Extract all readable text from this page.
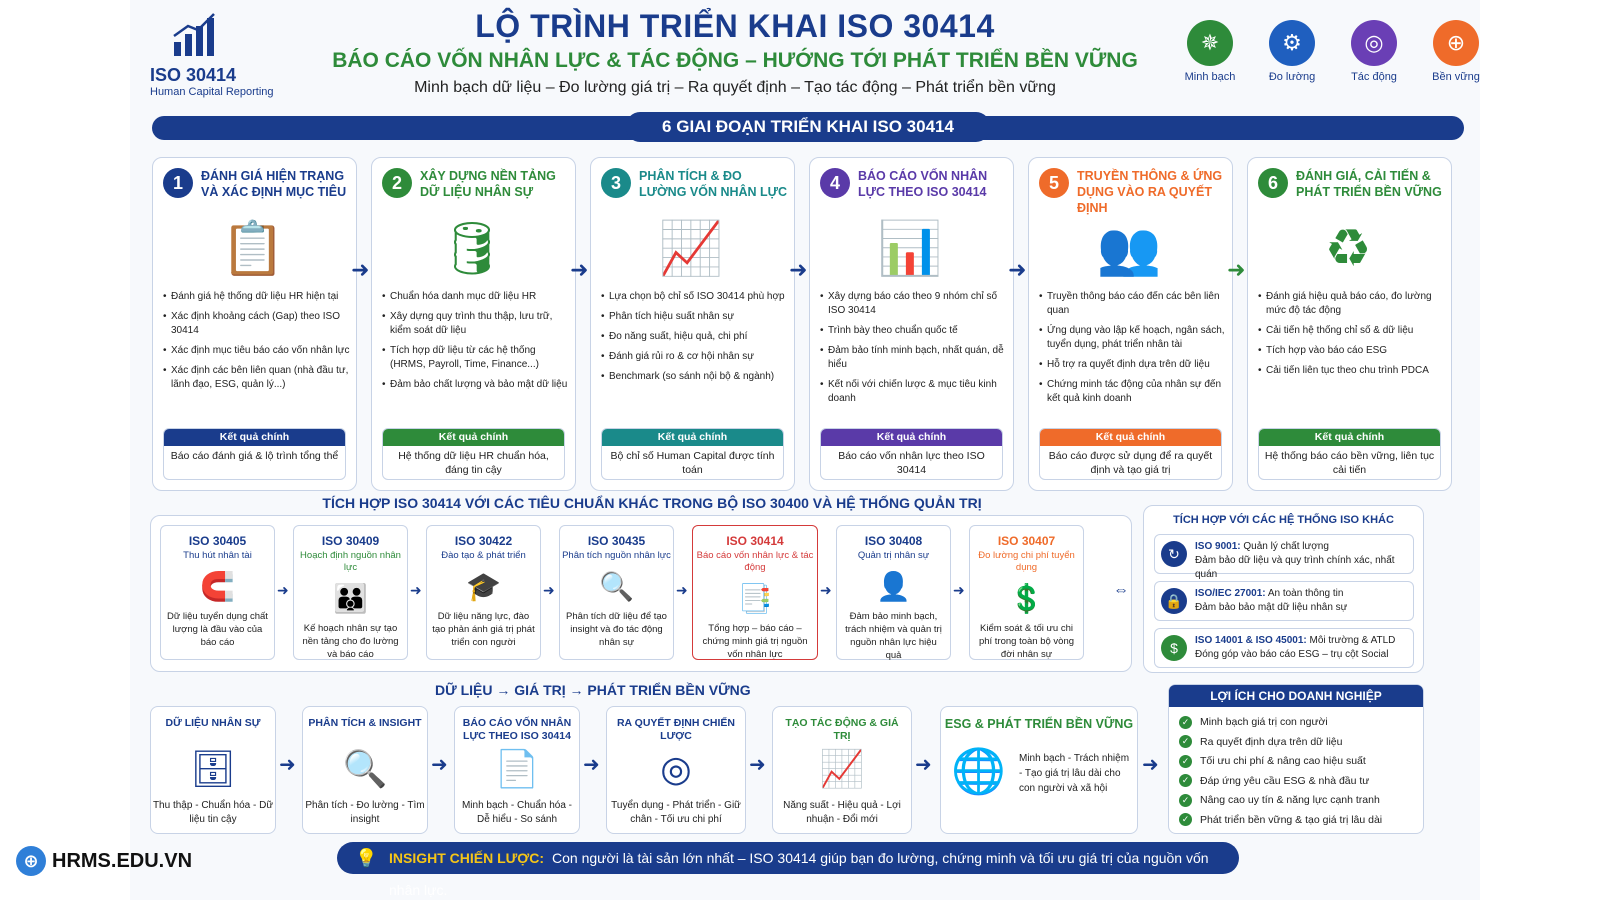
ISO 30414
Human Capital Reporting
LỘ TRÌNH TRIỂN KHAI ISO 30414
BÁO CÁO VỐN NHÂN LỰC & TÁC ĐỘNG – HƯỚNG TỚI PHÁT TRIỂN BỀN VỮNG
Minh bạch dữ liệu – Đo lường giá trị – Ra quyết định – Tạo tác động – Phát triển bền vững
✵
Minh bạch
⚙
Đo lường
◎
Tác động
⊕
Bền vững
6 GIAI ĐOẠN TRIỂN KHAI ISO 30414
1	ĐÁNH GIÁ HIỆN TRẠNG VÀ XÁC ĐỊNH MỤC TIÊU
📋
• Đánh giá hệ thống dữ liệu HR hiện tại
• Xác định khoảng cách (Gap) theo ISO 30414
• Xác định mục tiêu báo cáo vốn nhân lực
• Xác định các bên liên quan (nhà đầu tư, lãnh đạo, ESG, quản lý...)
Kết quả chính
Báo cáo đánh giá & lộ trình tổng thể
➜
2	XÂY DỰNG NỀN TẢNG DỮ LIỆU NHÂN SỰ
🛢
• Chuẩn hóa danh mục dữ liệu HR
• Xây dựng quy trình thu thập, lưu trữ, kiểm soát dữ liệu
• Tích hợp dữ liệu từ các hệ thống (HRMS, Payroll, Time, Finance...)
• Đảm bảo chất lượng và bảo mật dữ liệu
Kết quả chính
Hệ thống dữ liệu HR chuẩn hóa, đáng tin cậy
➜
3	PHÂN TÍCH & ĐO LƯỜNG VỐN NHÂN LỰC
📈
• Lựa chọn bộ chỉ số ISO 30414 phù hợp
• Phân tích hiệu suất nhân sự
• Đo năng suất, hiệu quả, chi phí
• Đánh giá rủi ro & cơ hội nhân sự
• Benchmark (so sánh nội bộ & ngành)
Kết quả chính
Bộ chỉ số Human Capital được tính toán
➜
4	BÁO CÁO VỐN NHÂN LỰC THEO ISO 30414
📊
• Xây dựng báo cáo theo 9 nhóm chỉ số ISO 30414
• Trình bày theo chuẩn quốc tế
• Đảm bảo tính minh bạch, nhất quán, dễ hiểu
• Kết nối với chiến lược & mục tiêu kinh doanh
Kết quả chính
Báo cáo vốn nhân lực theo ISO 30414
➜
5	TRUYỀN THÔNG & ỨNG DỤNG VÀO RA QUYẾT ĐỊNH
👥
• Truyền thông báo cáo đến các bên liên quan
• Ứng dụng vào lập kế hoạch, ngân sách, tuyển dụng, phát triển nhân tài
• Hỗ trợ ra quyết định dựa trên dữ liệu
• Chứng minh tác động của nhân sự đến kết quả kinh doanh
Kết quả chính
Báo cáo được sử dụng để ra quyết định và tạo giá trị
➜
6	ĐÁNH GIÁ, CẢI TIẾN & PHÁT TRIỂN BỀN VỮNG
♻
• Đánh giá hiệu quả báo cáo, đo lường mức độ tác động
• Cải tiến hệ thống chỉ số & dữ liệu
• Tích hợp vào báo cáo ESG
• Cải tiến liên tục theo chu trình PDCA
Kết quả chính
Hệ thống báo cáo bền vững, liên tục cải tiến
TÍCH HỢP ISO 30414 VỚI CÁC TIÊU CHUẨN KHÁC TRONG BỘ ISO 30400 VÀ HỆ THỐNG QUẢN TRỊ
ISO 30405
Thu hút nhân tài
🧲
Dữ liệu tuyển dụng chất lượng là đầu vào của báo cáo
➜
ISO 30409
Hoạch định nguồn nhân lực
👪
Kế hoạch nhân sự tạo nền tảng cho đo lường và báo cáo
➜
ISO 30422
Đào tạo & phát triển
🎓
Dữ liệu năng lực, đào tạo phản ánh giá trị phát triển con người
➜
ISO 30435
Phân tích nguồn nhân lực
🔍
Phân tích dữ liệu để tạo insight và đo tác động nhân sự
➜
ISO 30414
Báo cáo vốn nhân lực & tác động
📑
Tổng hợp – báo cáo – chứng minh giá trị nguồn vốn nhân lực
➜
ISO 30408
Quản trị nhân sự
👤
Đảm bảo minh bạch, trách nhiệm và quản trị nguồn nhân lực hiệu quả
➜
ISO 30407
Đo lường chi phí tuyển dụng
💲
Kiểm soát & tối ưu chi phí trong toàn bộ vòng đời nhân sự
⇔
TÍCH HỢP VỚI CÁC HỆ THỐNG ISO KHÁC
↻	ISO 9001: Quản lý chất lượng
Đảm bảo dữ liệu và quy trình chính xác, nhất quán
🔒	ISO/IEC 27001: An toàn thông tin
Đảm bảo bảo mật dữ liệu nhân sự
$	ISO 14001 & ISO 45001: Môi trường & ATLD
Đóng góp vào báo cáo ESG – trụ cột Social
DỮ LIỆU → GIÁ TRỊ → PHÁT TRIỂN BỀN VỮNG
DỮ LIỆU NHÂN SỰ
🗄
Thu thập - Chuẩn hóa - Dữ liệu tin cậy
➜
PHÂN TÍCH & INSIGHT
🔍
Phân tích - Đo lường - Tìm insight
➜
BÁO CÁO VỐN NHÂN LỰC THEO ISO 30414
📄
Minh bạch - Chuẩn hóa - Dễ hiểu - So sánh
➜
RA QUYẾT ĐỊNH CHIẾN LƯỢC
◎
Tuyển dụng - Phát triển - Giữ chân - Tối ưu chi phí
➜
TẠO TÁC ĐỘNG & GIÁ TRỊ
📈
Năng suất - Hiệu quả - Lợi nhuận - Đổi mới
➜
ESG & PHÁT TRIỂN BỀN VỮNG
🌐 Minh bạch - Trách nhiệm - Tạo giá trị lâu dài cho con người và xã hội
➜
LỢI ÍCH CHO DOANH NGHIỆP
✓ Minh bạch giá trị con người
✓ Ra quyết định dựa trên dữ liệu
✓ Tối ưu chi phí & nâng cao hiệu suất
✓ Đáp ứng yêu cầu ESG & nhà đầu tư
✓ Nâng cao uy tín & năng lực cạnh tranh
✓ Phát triển bền vững & tạo giá trị lâu dài
⊕ HRMS.EDU.VN	💡 INSIGHT CHIẾN LƯỢC: Con người là tài sản lớn nhất – ISO 30414 giúp bạn đo lường, chứng minh và tối ưu giá trị của nguồn vốn nhân lực.
